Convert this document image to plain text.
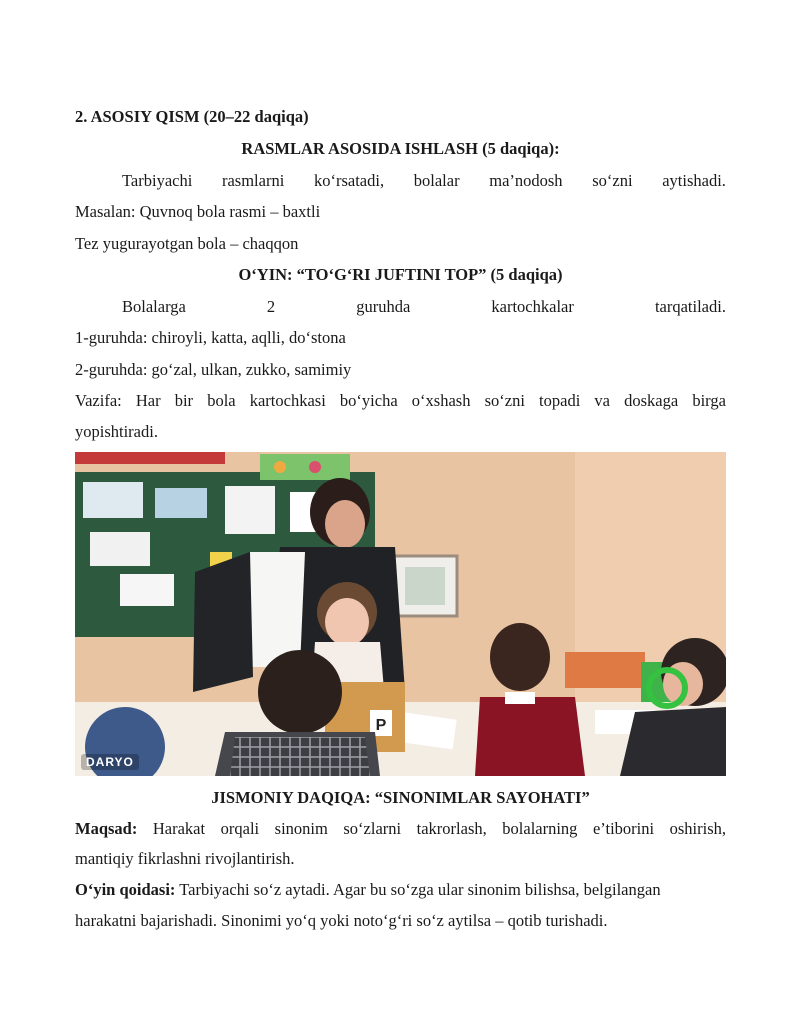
2. ASOSIY QISM (20–22 daqiqa)
RASMLAR ASOSIDA ISHLASH (5 daqiqa):
Tarbiyachi rasmlarni ko‘rsatadi, bolalar ma’nodosh so‘zni aytishadi.
Masalan: Quvnoq bola rasmi – baxtli
Tez yugurayotgan bola – chaqqon
O‘YIN: “TO‘G‘RI JUFTINI TOP” (5 daqiqa)
Bolalarga	2	guruhda	kartochkalar	tarqatiladi.
1-guruhda: chiroyli, katta, aqlli, do‘stona
2-guruhda: go‘zal, ulkan, zukko, samimiy
Vazifa: Har bir bola kartochkasi bo‘yicha o‘xshash so‘zni topadi va doskaga birga
yopishtiradi.
JISMONIY DAQIQA: “SINONIMLAR SAYOHATI”
Maqsad: Harakat orqali sinonim so‘zlarni takrorlash, bolalarning e’tiborini oshirish,
mantiqiy fikrlashni rivojlantirish.
O‘yin qoidasi: Tarbiyachi so‘z aytadi. Agar bu so‘zga ular sinonim bilishsa, belgilangan
harakatni bajarishadi. Sinonimi yo‘q yoki noto‘g‘ri so‘z aytilsa – qotib turishadi.
P
DARYO
